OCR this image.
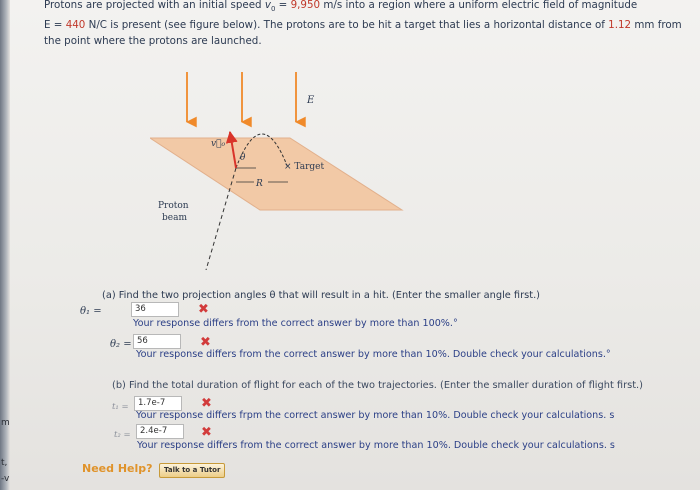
m
t,
-v

Protons are projected with an initial speed $v_0 = 9,950$ m/s into a region where a uniform electric field of magnitude

E = 440 N/C is present (see figure below). The protons are to be hit a target that lies a horizontal distance of 1.12 mm from

the point where the protons are launched.

E
v⃗₀
θ
× Target
R
Proton
beam
(a) Find the two projection angles θ that will result in a hit. (Enter the smaller angle first.)
θ₁ =	36	✖
Your response differs from the correct answer by more than 100%.°
θ₂ = 56	✖
Your response differs from the correct answer by more than 10%. Double check your calculations.°
(b) Find the total duration of flight for each of the two trajectories. (Enter the smaller duration of flight first.)
t₁ =	1.7e-7	✖
Your response differs frpm the correct answer by more than 10%. Double check your calculations. s
t₂ =	2.4e-7	✖
Your response differs from the correct answer by more than 10%. Double check your calculations. s
Need Help?	Talk to a Tutor
